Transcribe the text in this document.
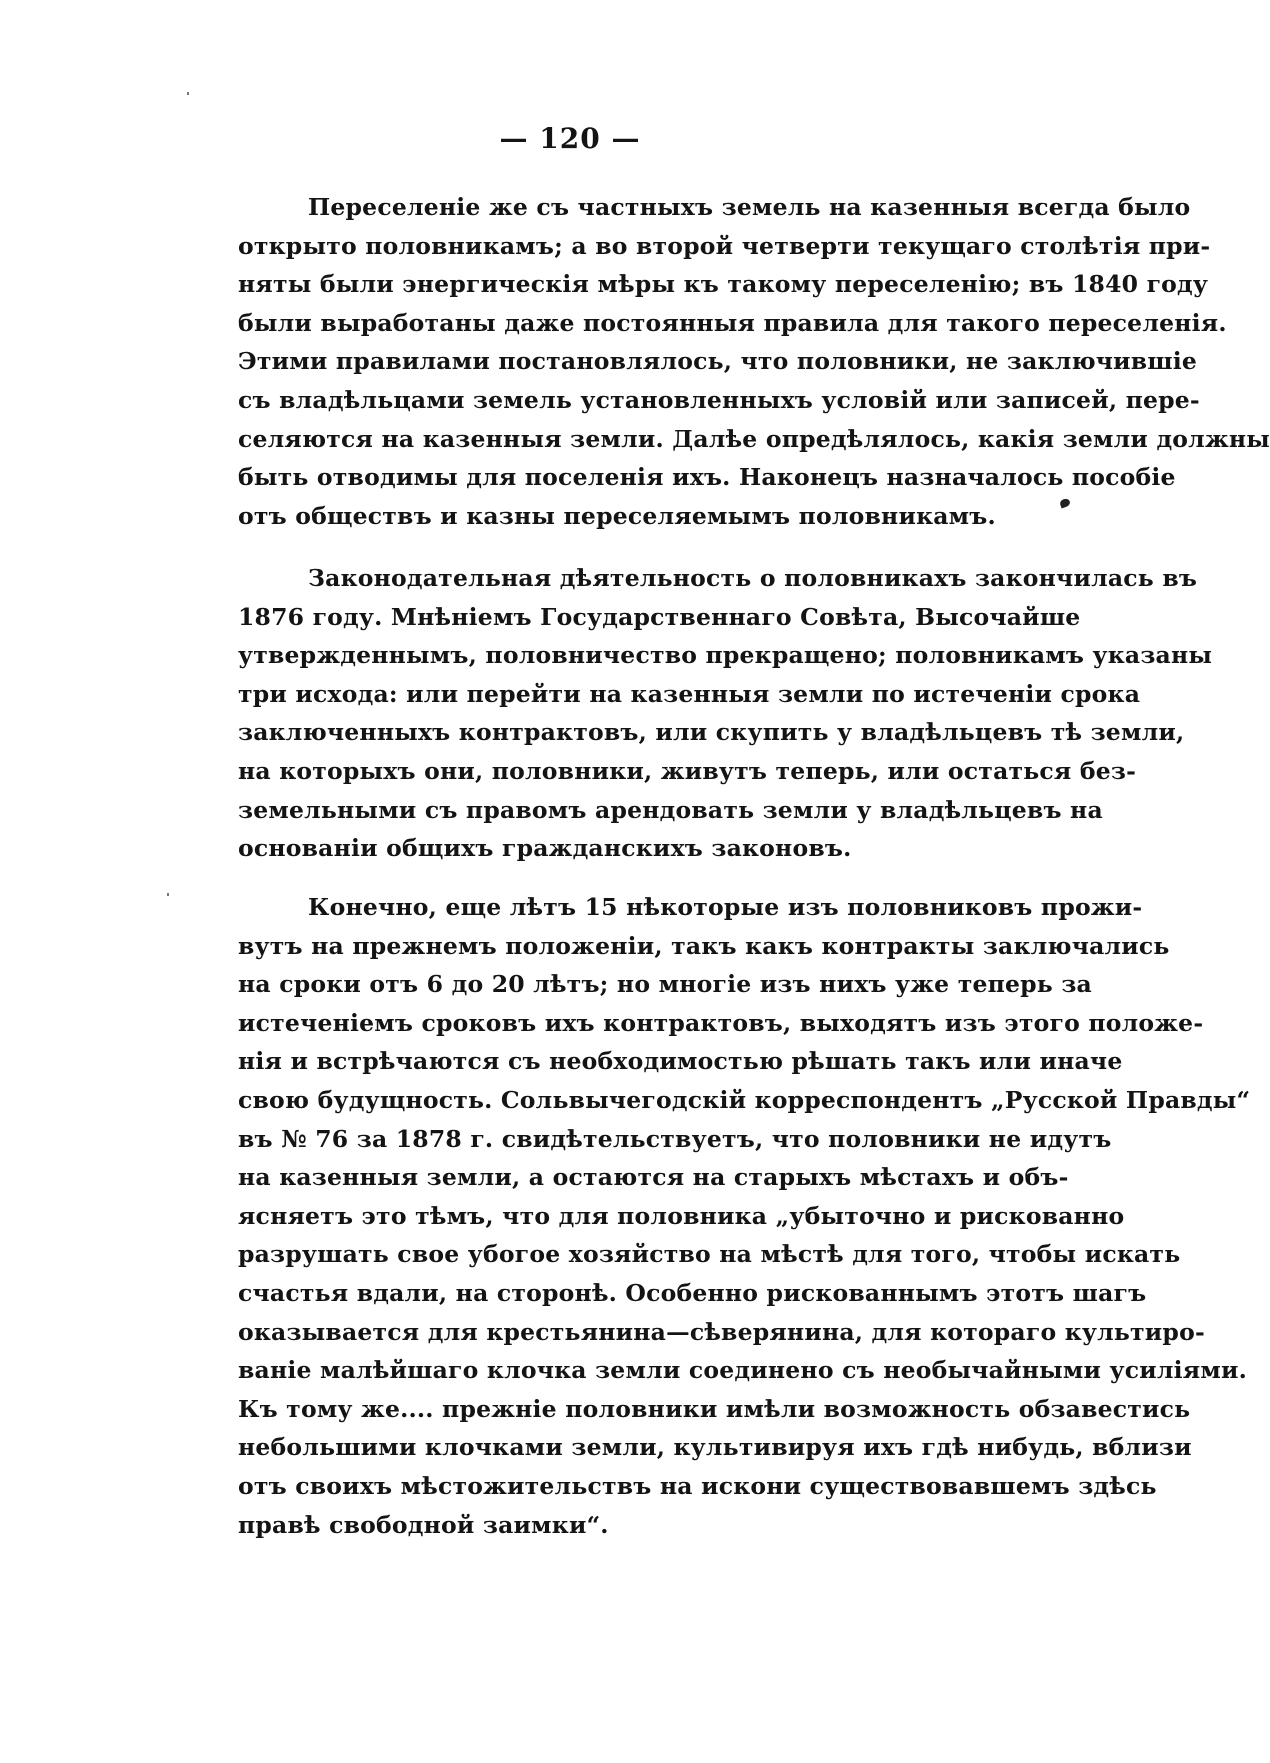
— 120 —
Переселенiе же съ частныхъ земель на казенныя всегда было
открыто половникамъ; а во второй четверти текущаго столѣтiя при-
няты были энергическiя мѣры къ такому переселенiю; въ 1840 году
были выработаны даже постоянныя правила для такого переселенiя.
Этими правилами постановлялось, что половники, не заключившiе
съ владѣльцами земель установленныхъ условiй или записей, пере-
селяются на казенныя земли. Далѣе опредѣлялось, какiя земли должны
быть отводимы для поселенiя ихъ. Наконецъ назначалось пособiе
отъ обществъ и казны переселяемымъ половникамъ.
Законодательная дѣятельность о половникахъ закончилась въ
1876 году. Мнѣнiемъ Государственнаго Совѣта, Высочайше
утвержденнымъ, половничество прекращено; половникамъ указаны
три исхода: или перейти на казенныя земли по истеченiи срока
заключенныхъ контрактовъ, или скупить у владѣльцевъ тѣ земли,
на которыхъ они, половники, живутъ теперь, или остаться без-
земельными съ правомъ арендовать земли у владѣльцевъ на
основанiи общихъ гражданскихъ законовъ.
Конечно, еще лѣтъ 15 нѣкоторые изъ половниковъ прожи-
вутъ на прежнемъ положенiи, такъ какъ контракты заключались
на сроки отъ 6 до 20 лѣтъ; но многiе изъ нихъ уже теперь за
истеченiемъ сроковъ ихъ контрактовъ, выходятъ изъ этого положе-
нiя и встрѣчаются съ необходимостью рѣшать такъ или иначе
свою будущность. Сольвычегодскiй корреспондентъ „Русской Правды“
въ № 76 за 1878 г. свидѣтельствуетъ, что половники не идутъ
на казенныя земли, а остаются на старыхъ мѣстахъ и объ-
ясняетъ это тѣмъ, что для половника „убыточно и рискованно
разрушать свое убогое хозяйство на мѣстѣ для того, чтобы искать
счастья вдали, на сторонѣ. Особенно рискованнымъ этотъ шагъ
оказывается для крестьянина—сѣверянина, для котораго культиро-
ванiе малѣйшаго клочка земли соединено съ необычайными усилiями.
Къ тому же.... прежнiе половники имѣли возможность обзавестись
небольшими клочками земли, культивируя ихъ гдѣ нибудь, вблизи
отъ своихъ мѣстожительствъ на искони существовавшемъ здѣсь
правѣ свободной заимки“.
